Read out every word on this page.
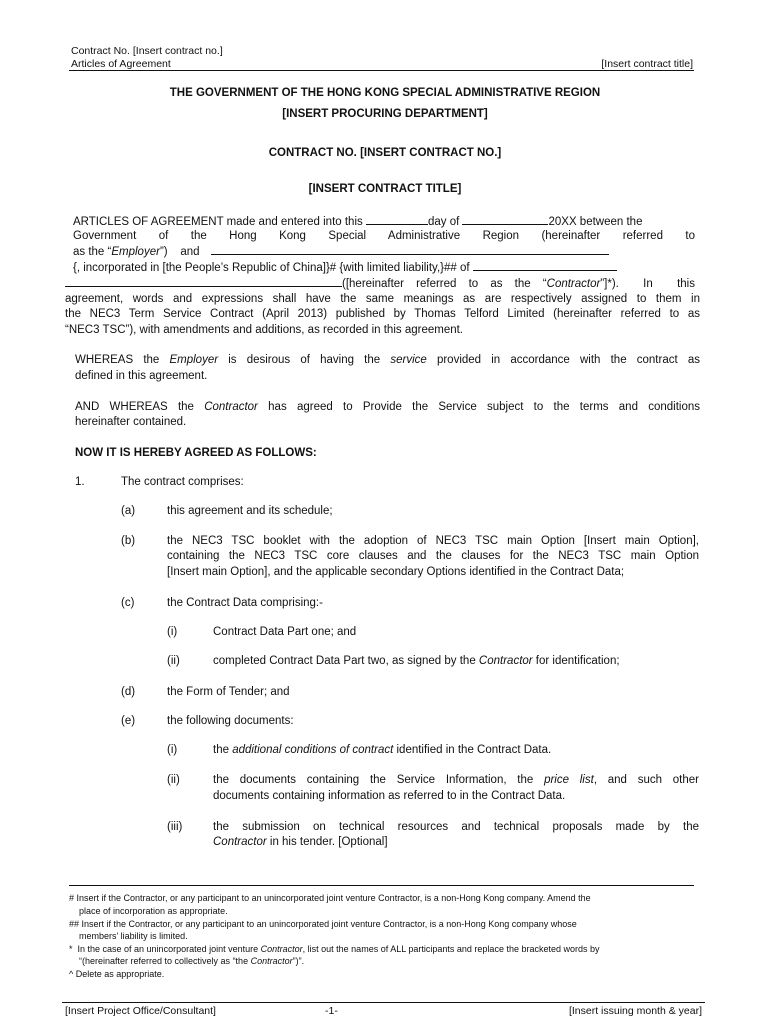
Contract No. [Insert contract no.]
Articles of Agreement	[Insert contract title]
THE GOVERNMENT OF THE HONG KONG SPECIAL ADMINISTRATIVE REGION
[INSERT PROCURING DEPARTMENT]
CONTRACT NO. [INSERT CONTRACT NO.]
[INSERT CONTRACT TITLE]
ARTICLES OF AGREEMENT made and entered into this	day of	20XX between the
Government of the Hong Kong Special Administrative Region (hereinafter referred to
as the “Employer”)    and
{, incorporated in [the People’s Republic of China]}# {with limited liability,}## of
([hereinafter referred to as the “Contractor”]*).  In  this
agreement, words and expressions shall have the same meanings as are respectively assigned to them in
the NEC3 Term Service Contract (April 2013) published by Thomas Telford Limited (hereinafter referred to as
“NEC3 TSC”), with amendments and additions, as recorded in this agreement.
WHEREAS the Employer is desirous of having the service provided in accordance with the contract as
defined in this agreement.
AND WHEREAS the Contractor has agreed to Provide the Service subject to the terms and conditions
hereinafter contained.
NOW IT IS HEREBY AGREED AS FOLLOWS:
1.	The contract comprises:
(a)	this agreement and its schedule;
(b)	the NEC3 TSC booklet with the adoption of NEC3 TSC main Option [Insert main Option],
containing the NEC3 TSC core clauses and the clauses for the NEC3 TSC main Option
[Insert main Option], and the applicable secondary Options identified in the Contract Data;
(c)	the Contract Data comprising:-
(i)	Contract Data Part one; and
(ii)	completed Contract Data Part two, as signed by the Contractor for identification;
(d)	the Form of Tender; and
(e)	the following documents:
(i)	the additional conditions of contract identified in the Contract Data.
(ii)	the documents containing the Service Information, the price list, and such other
documents containing information as referred to in the Contract Data.
(iii)	the submission on technical resources and technical proposals made by the
Contractor in his tender. [Optional]
# Insert if the Contractor, or any participant to an unincorporated joint venture Contractor, is a non-Hong Kong company. Amend the
place of incorporation as appropriate.
## Insert if the Contractor, or any participant to an unincorporated joint venture Contractor, is a non-Hong Kong company whose
members’ liability is limited.
*  In the case of an unincorporated joint venture Contractor, list out the names of ALL participants and replace the bracketed words by
“(hereinafter referred to collectively as “the Contractor”)”.
^ Delete as appropriate.
[Insert Project Office/Consultant]	-1-	[Insert issuing month & year]
